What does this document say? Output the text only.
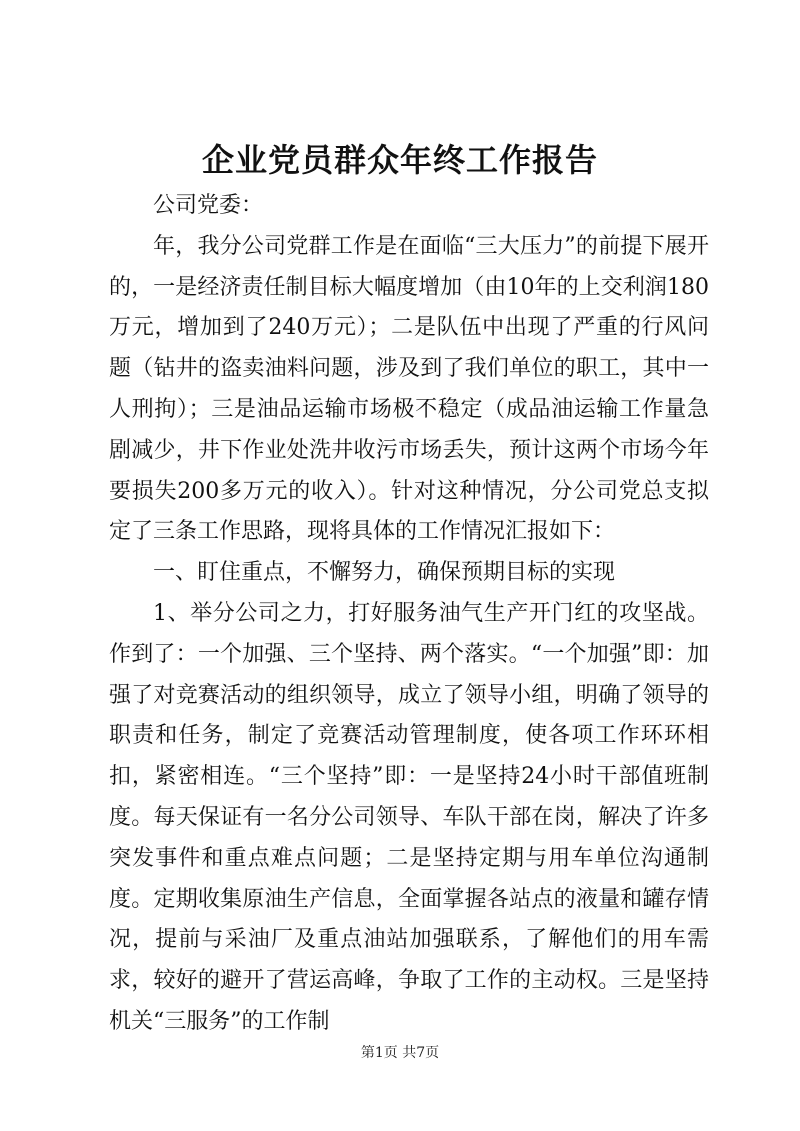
企业党员群众年终工作报告

公司党委：

年，我分公司党群工作是在面临“三大压力”的前提下展开的，一是经济责任制目标大幅度增加（由10年的上交利润180万元，增加到了240万元）；二是队伍中出现了严重的行风问题（钻井的盗卖油料问题，涉及到了我们单位的职工，其中一人刑拘）；三是油品运输市场极不稳定（成品油运输工作量急剧减少，井下作业处洗井收污市场丢失，预计这两个市场今年要损失200多万元的收入）。针对这种情况，分公司党总支拟定了三条工作思路，现将具体的工作情况汇报如下：

一、盯住重点，不懈努力，确保预期目标的实现

1、举分公司之力，打好服务油气生产开门红的攻坚战。作到了：一个加强、三个坚持、两个落实。“一个加强”即：加强了对竞赛活动的组织领导，成立了领导小组，明确了领导的职责和任务，制定了竞赛活动管理制度，使各项工作环环相扣，紧密相连。“三个坚持”即：一是坚持24小时干部值班制度。每天保证有一名分公司领导、车队干部在岗，解决了许多突发事件和重点难点问题；二是坚持定期与用车单位沟通制度。定期收集原油生产信息，全面掌握各站点的液量和罐存情况，提前与采油厂及重点油站加强联系，了解他们的用车需求，较好的避开了营运高峰，争取了工作的主动权。三是坚持机关“三服务”的工作制

第1页 共7页
